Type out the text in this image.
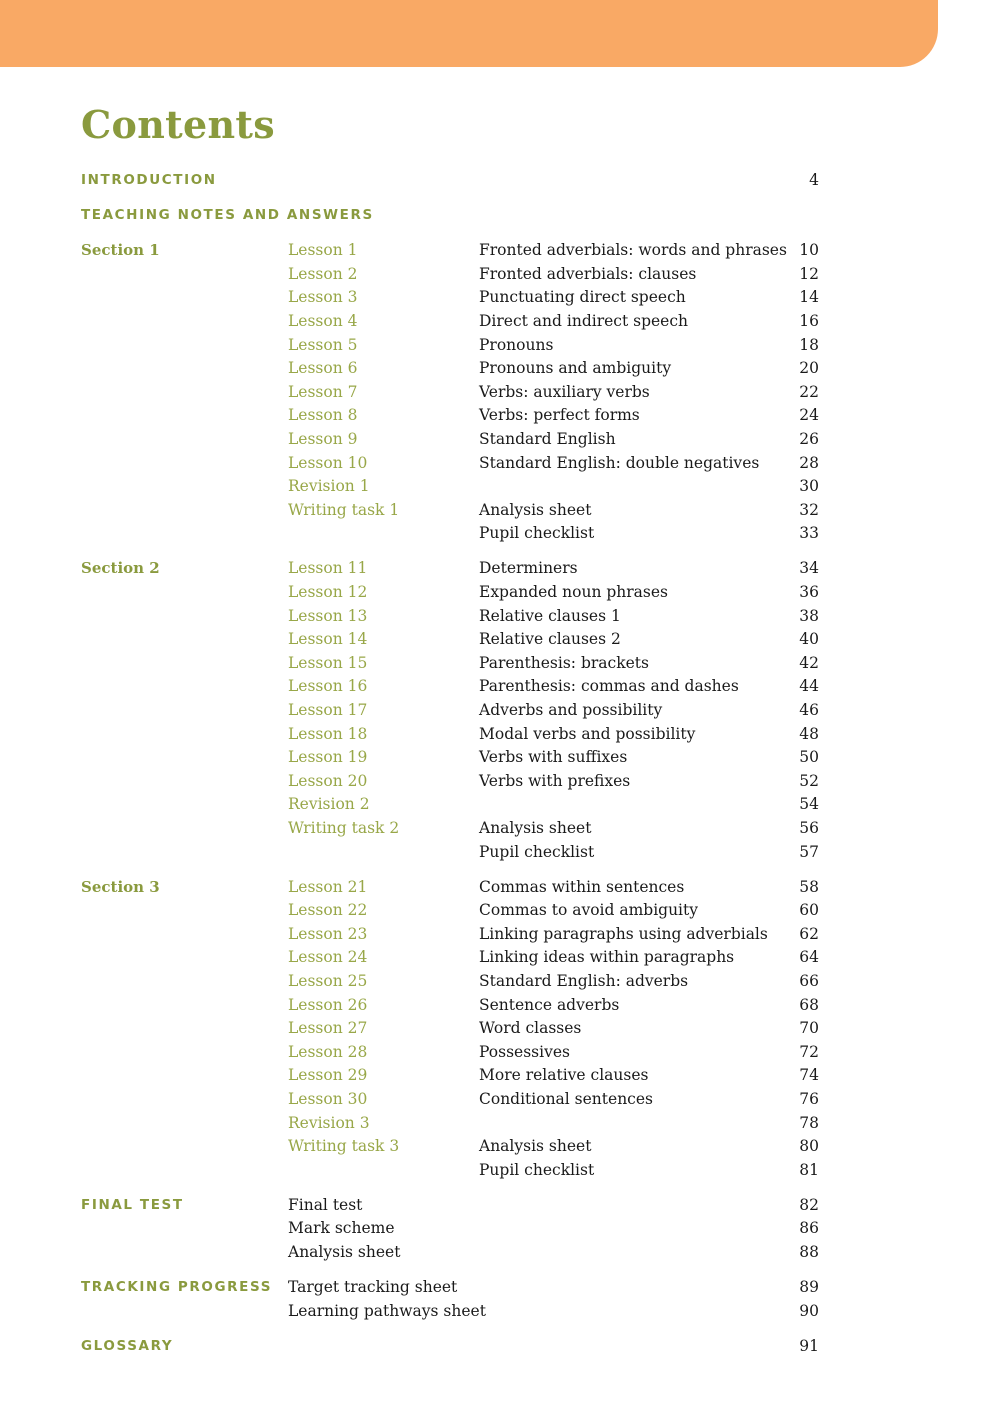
Contents
INTRODUCTION	4
TEACHING NOTES AND ANSWERS
Section 1	Lesson 1	Fronted adverbials: words and phrases 10
Lesson 2	Fronted adverbials: clauses	12
Lesson 3	Punctuating direct speech	14
Lesson 4	Direct and indirect speech	16
Lesson 5	Pronouns	18
Lesson 6	Pronouns and ambiguity	20
Lesson 7	Verbs: auxiliary verbs	22
Lesson 8	Verbs: perfect forms	24
Lesson 9	Standard English	26
Lesson 10	Standard English: double negatives	28
Revision 1	30
Writing task 1	Analysis sheet	32
Pupil checklist	33
Section 2	Lesson 11	Determiners	34
Lesson 12	Expanded noun phrases	36
Lesson 13	Relative clauses 1	38
Lesson 14	Relative clauses 2	40
Lesson 15	Parenthesis: brackets	42
Lesson 16	Parenthesis: commas and dashes	44
Lesson 17	Adverbs and possibility	46
Lesson 18	Modal verbs and possibility	48
Lesson 19	Verbs with suffixes	50
Lesson 20	Verbs with prefixes	52
Revision 2	54
Writing task 2	Analysis sheet	56
Pupil checklist	57
Section 3	Lesson 21	Commas within sentences	58
Lesson 22	Commas to avoid ambiguity	60
Lesson 23	Linking paragraphs using adverbials 62
Lesson 24	Linking ideas within paragraphs	64
Lesson 25	Standard English: adverbs	66
Lesson 26	Sentence adverbs	68
Lesson 27	Word classes	70
Lesson 28	Possessives	72
Lesson 29	More relative clauses	74
Lesson 30	Conditional sentences	76
Revision 3	78
Writing task 3	Analysis sheet	80
Pupil checklist	81
FINAL TEST	Final test	82
Mark scheme	86
Analysis sheet	88
TRACKING PROGRESS Target tracking sheet	89
Learning pathways sheet	90
GLOSSARY	91
